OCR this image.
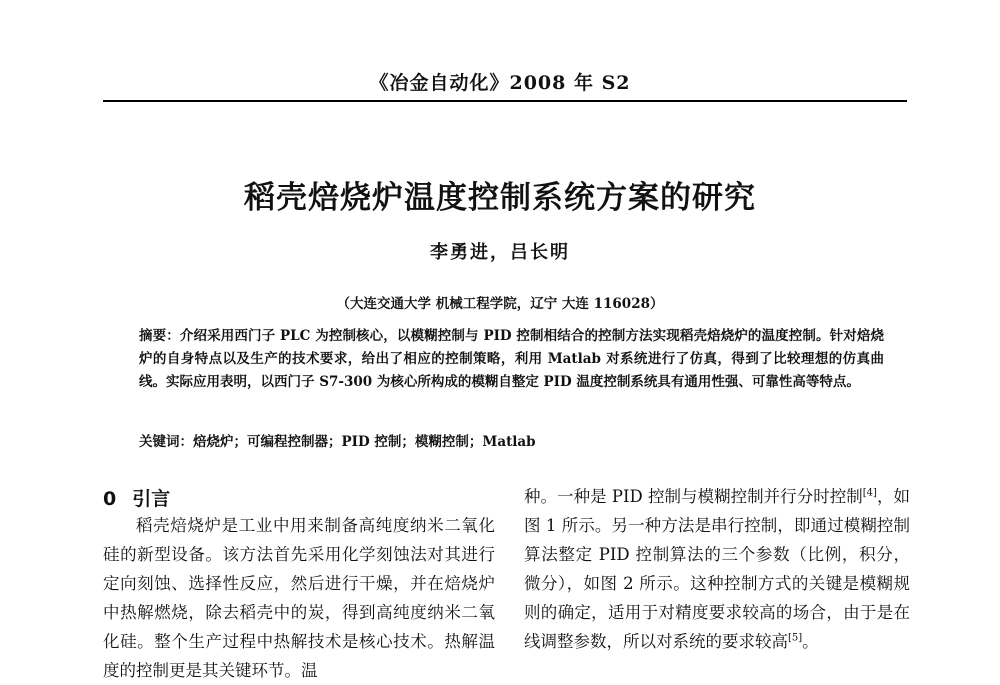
《冶金自动化》2008 年 S2
稻壳焙烧炉温度控制系统方案的研究
李勇进，吕长明
（大连交通大学 机械工程学院，辽宁 大连 116028）
摘要：介绍采用西门子 PLC 为控制核心，以模糊控制与 PID 控制相结合的控制方法实现稻壳焙烧炉的温度控制。针对焙烧炉的自身特点以及生产的技术要求，给出了相应的控制策略，利用 Matlab 对系统进行了仿真，得到了比较理想的仿真曲线。实际应用表明，以西门子 S7-300 为核心所构成的模糊自整定 PID 温度控制系统具有通用性强、可靠性高等特点。
关键词：焙烧炉；可编程控制器；PID 控制；模糊控制；Matlab
0 引言
稻壳焙烧炉是工业中用来制备高纯度纳米二氧化硅的新型设备。该方法首先采用化学刻蚀法对其进行定向刻蚀、选择性反应，然后进行干燥，并在焙烧炉中热解燃烧，除去稻壳中的炭，得到高纯度纳米二氧化硅。整个生产过程中热解技术是核心技术。热解温度的控制更是其关键环节。温
种。一种是 PID 控制与模糊控制并行分时控制[4]，如图 1 所示。另一种方法是串行控制，即通过模糊控制算法整定 PID 控制算法的三个参数（比例，积分，微分），如图 2 所示。这种控制方式的关键是模糊规则的确定，适用于对精度要求较高的场合，由于是在线调整参数，所以对系统的要求较高[5]。
